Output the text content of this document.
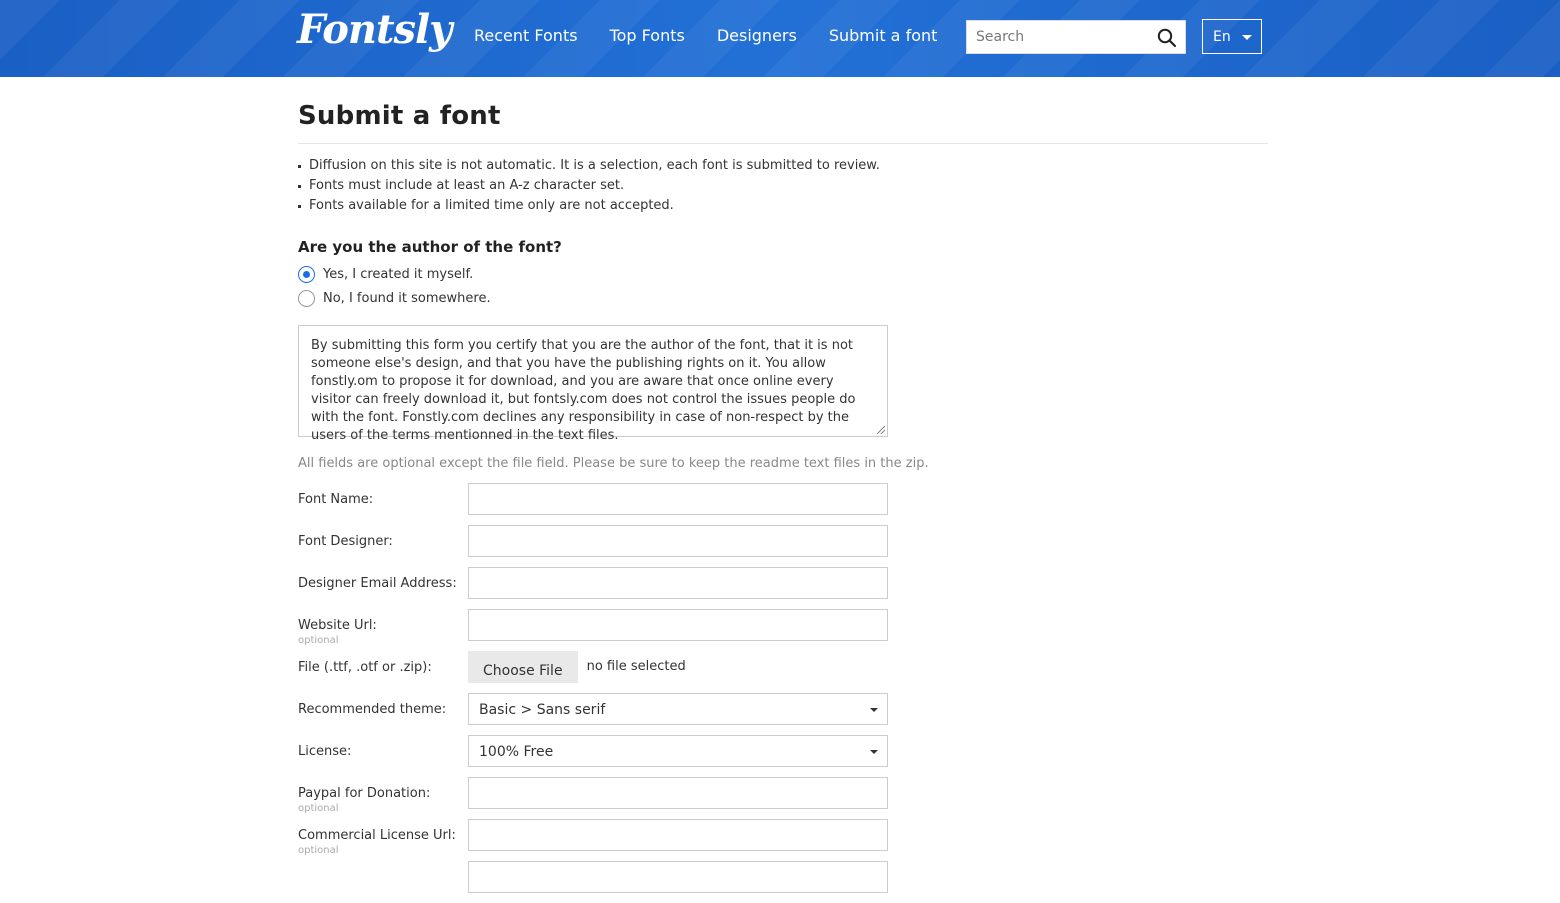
Fontsly Recent Fonts Top Fonts Designers Submit a font
Search	En
Submit a font
Diffusion on this site is not automatic. It is a selection, each font is submitted to review.
Fonts must include at least an A-z character set.
Fonts available for a limited time only are not accepted.
Are you the author of the font?
Yes, I created it myself.
No, I found it somewhere.
By submitting this form you certify that you are the author of the font, that it is not someone else's design, and that you have the publishing rights on it. You allow fonstly.om to propose it for download, and you are aware that once online every visitor can freely download it, but fontsly.com does not control the issues people do with the font. Fonstly.com declines any responsibility in case of non-respect by the users of the terms mentionned in the text files.
All fields are optional except the file field. Please be sure to keep the readme text files in the zip.
Font Name:
Font Designer:
Designer Email Address:
Website Url:
optional
File (.ttf, .otf or .zip):	Choose File	no file selected
Recommended theme:	Basic > Sans serif
License:	100% Free
Paypal for Donation:
optional
Commercial License Url:
optional
